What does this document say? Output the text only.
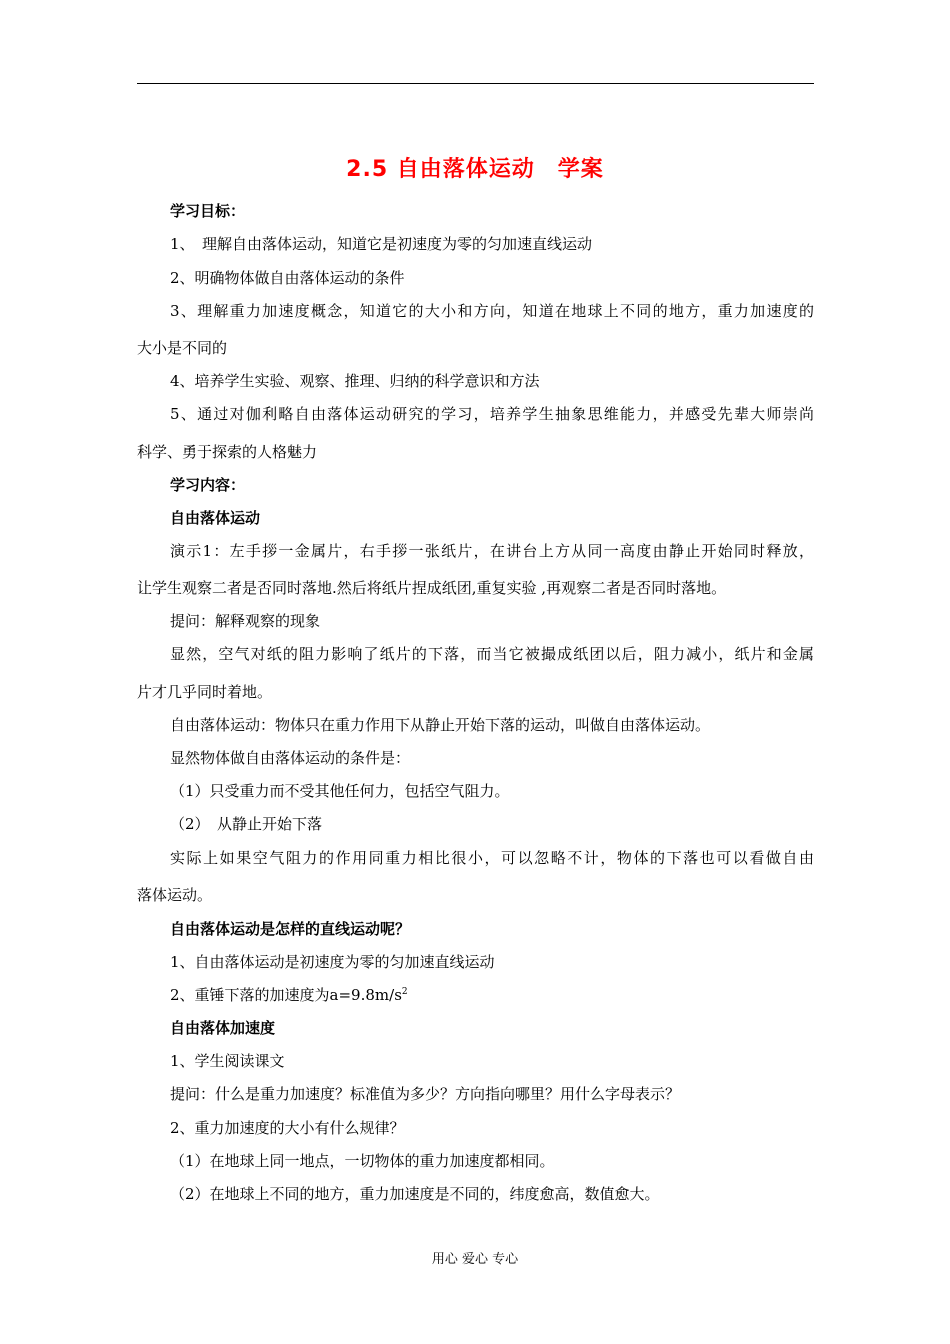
2.5 自由落体运动　学案
学习目标：
1、　理解自由落体运动，知道它是初速度为零的匀加速直线运动
2、明确物体做自由落体运动的条件
3、理解重力加速度概念，知道它的大小和方向，知道在地球上不同的地方，重力加速度的
大小是不同的
4、培养学生实验、观察、推理、归纳的科学意识和方法
5、通过对伽利略自由落体运动研究的学习，培养学生抽象思维能力，并感受先辈大师崇尚
科学、勇于探索的人格魅力
学习内容：
自由落体运动
演示1：左手拶一金属片，右手拶一张纸片，在讲台上方从同一高度由静止开始同时释放，
让学生观察二者是否同时落地.然后将纸片捏成纸团,重复实验 ,再观察二者是否同时落地。
提问：解释观察的现象
显然，空气对纸的阻力影响了纸片的下落，而当它被撮成纸团以后，阻力减小，纸片和金属
片才几乎同时着地。
自由落体运动：物体只在重力作用下从静止开始下落的运动，叫做自由落体运动。
显然物体做自由落体运动的条件是：
（1）只受重力而不受其他任何力，包括空气阻力。
（2）　从静止开始下落
实际上如果空气阻力的作用同重力相比很小，可以忽略不计，物体的下落也可以看做自由
落体运动。
自由落体运动是怎样的直线运动呢？
1、自由落体运动是初速度为零的匀加速直线运动
2、重锤下落的加速度为$a=9.8m/s^2$
自由落体加速度
1、学生阅读课文
提问：什么是重力加速度？标准值为多少？方向指向哪里？用什么字母表示？
2、重力加速度的大小有什么规律？
（1）在地球上同一地点，一切物体的重力加速度都相同。
（2）在地球上不同的地方，重力加速度是不同的，纬度愈高，数值愈大。
用心 爱心 专心
